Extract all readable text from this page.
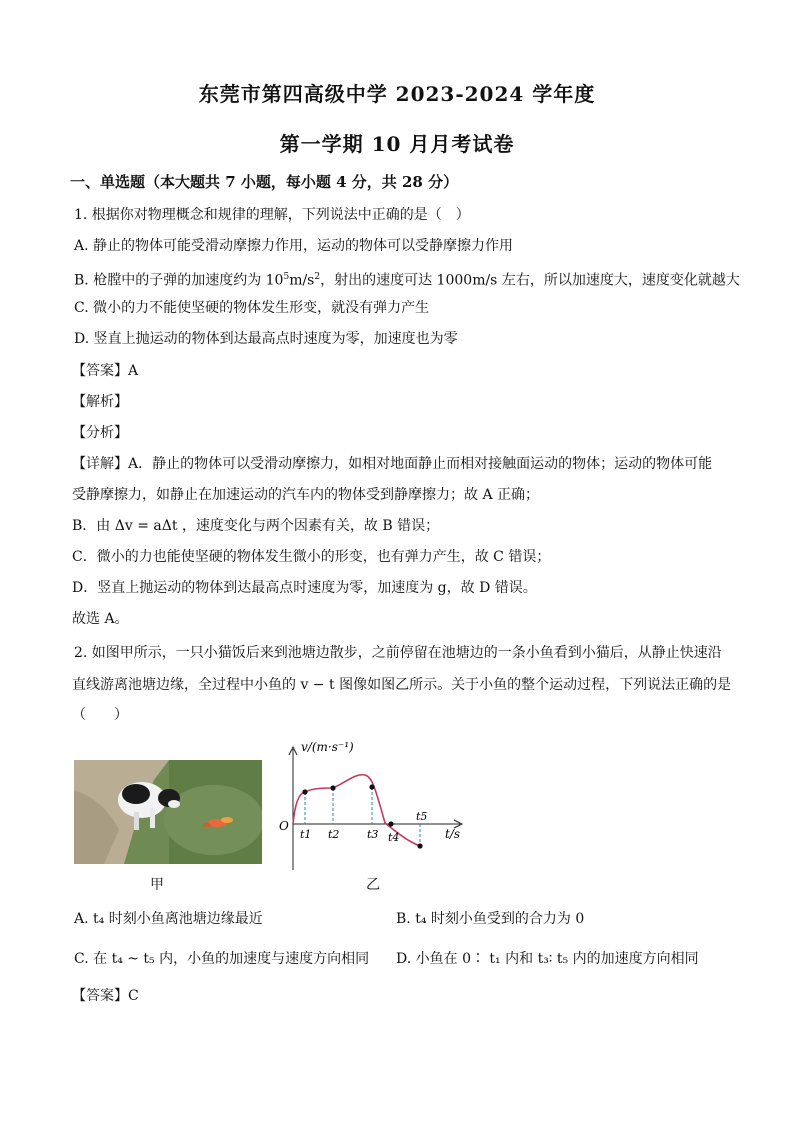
东莞市第四高级中学 2023-2024 学年度
第一学期 10 月月考试卷
一、单选题（本大题共 7 小题，每小题 4 分，共 28 分）
1. 根据你对物理概念和规律的理解，下列说法中正确的是（　）
A. 静止的物体可能受滑动摩擦力作用，运动的物体可以受静摩擦力作用
B. 枪膛中的子弹的加速度约为 $10^5m/s^2$，射出的速度可达 1000m/s 左右，所以加速度大，速度变化就越大
C. 微小的力不能使坚硬的物体发生形变，就没有弹力产生
D. 竖直上抛运动的物体到达最高点时速度为零，加速度也为零
【答案】A
【解析】
【分析】
【详解】A．静止的物体可以受滑动摩擦力，如相对地面静止而相对接触面运动的物体；运动的物体可能
受静摩擦力，如静止在加速运动的汽车内的物体受到静摩擦力；故 A 正确；
B．由 Δv = aΔt ，速度变化与两个因素有关，故 B 错误；
C．微小的力也能使坚硬的物体发生微小的形变，也有弹力产生，故 C 错误；
D．竖直上抛运动的物体到达最高点时速度为零，加速度为 g，故 D 错误。
故选 A。
2. 如图甲所示，一只小猫饭后来到池塘边散步，之前停留在池塘边的一条小鱼看到小猫后，从静止快速沿
直线游离池塘边缘，全过程中小鱼的 v − t 图像如图乙所示。关于小鱼的整个运动过程，下列说法正确的是
（　　）
v/(m·s⁻¹)
t/s
O
t1 t2	t3 t4
t5
甲	乙
A. t₄ 时刻小鱼离池塘边缘最近	B. t₄ 时刻小鱼受到的合力为 0
C. 在 t₄ ~ t₅ 内，小鱼的加速度与速度方向相同 D. 小鱼在 0∶ t₁ 内和 t₃∶ t₅ 内的加速度方向相同
【答案】C
